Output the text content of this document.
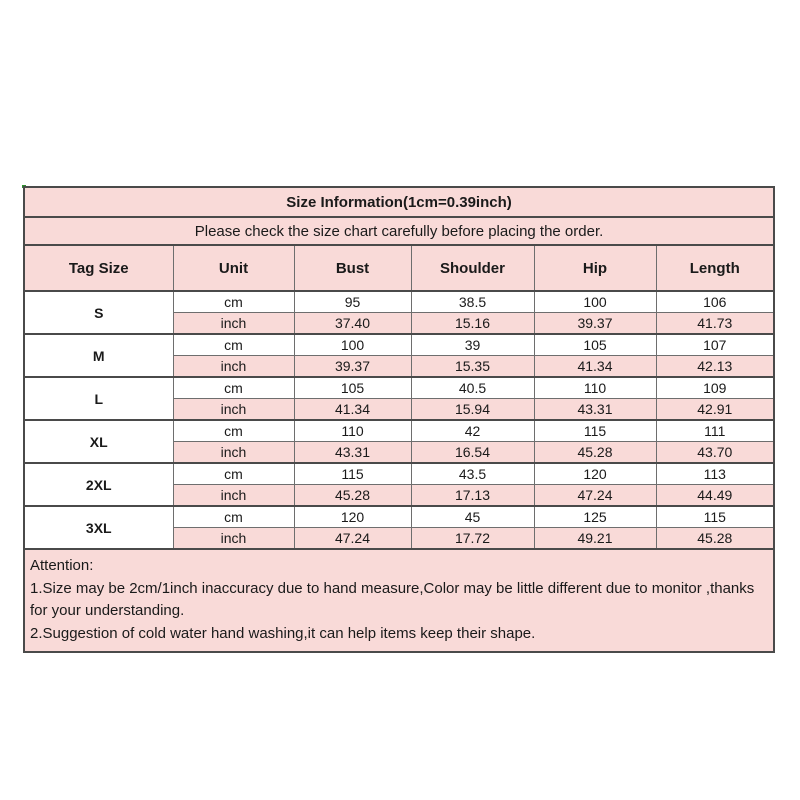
Size Information(1cm=0.39inch)					
Please check the size chart carefully before placing the order.					
Tag Size	Unit	Bust	Shoulder	Hip	Length
S	cm	95	38.5	100	106
	inch	37.40	15.16	39.37	41.73
M	cm	100	39	105	107
	inch	39.37	15.35	41.34	42.13
L	cm	105	40.5	110	109
	inch	41.34	15.94	43.31	42.91
XL	cm	110	42	115	111
	inch	43.31	16.54	45.28	43.70
2XL	cm	115	43.5	120	113
	inch	45.28	17.13	47.24	44.49
3XL	cm	120	45	125	115
	inch	47.24	17.72	49.21	45.28

Attention:
1.Size may be 2cm/1inch inaccuracy due to hand measure,Color may be little different due to monitor ,thanks for your understanding.
2.Suggestion of cold water hand washing,it can help items keep their shape.					
